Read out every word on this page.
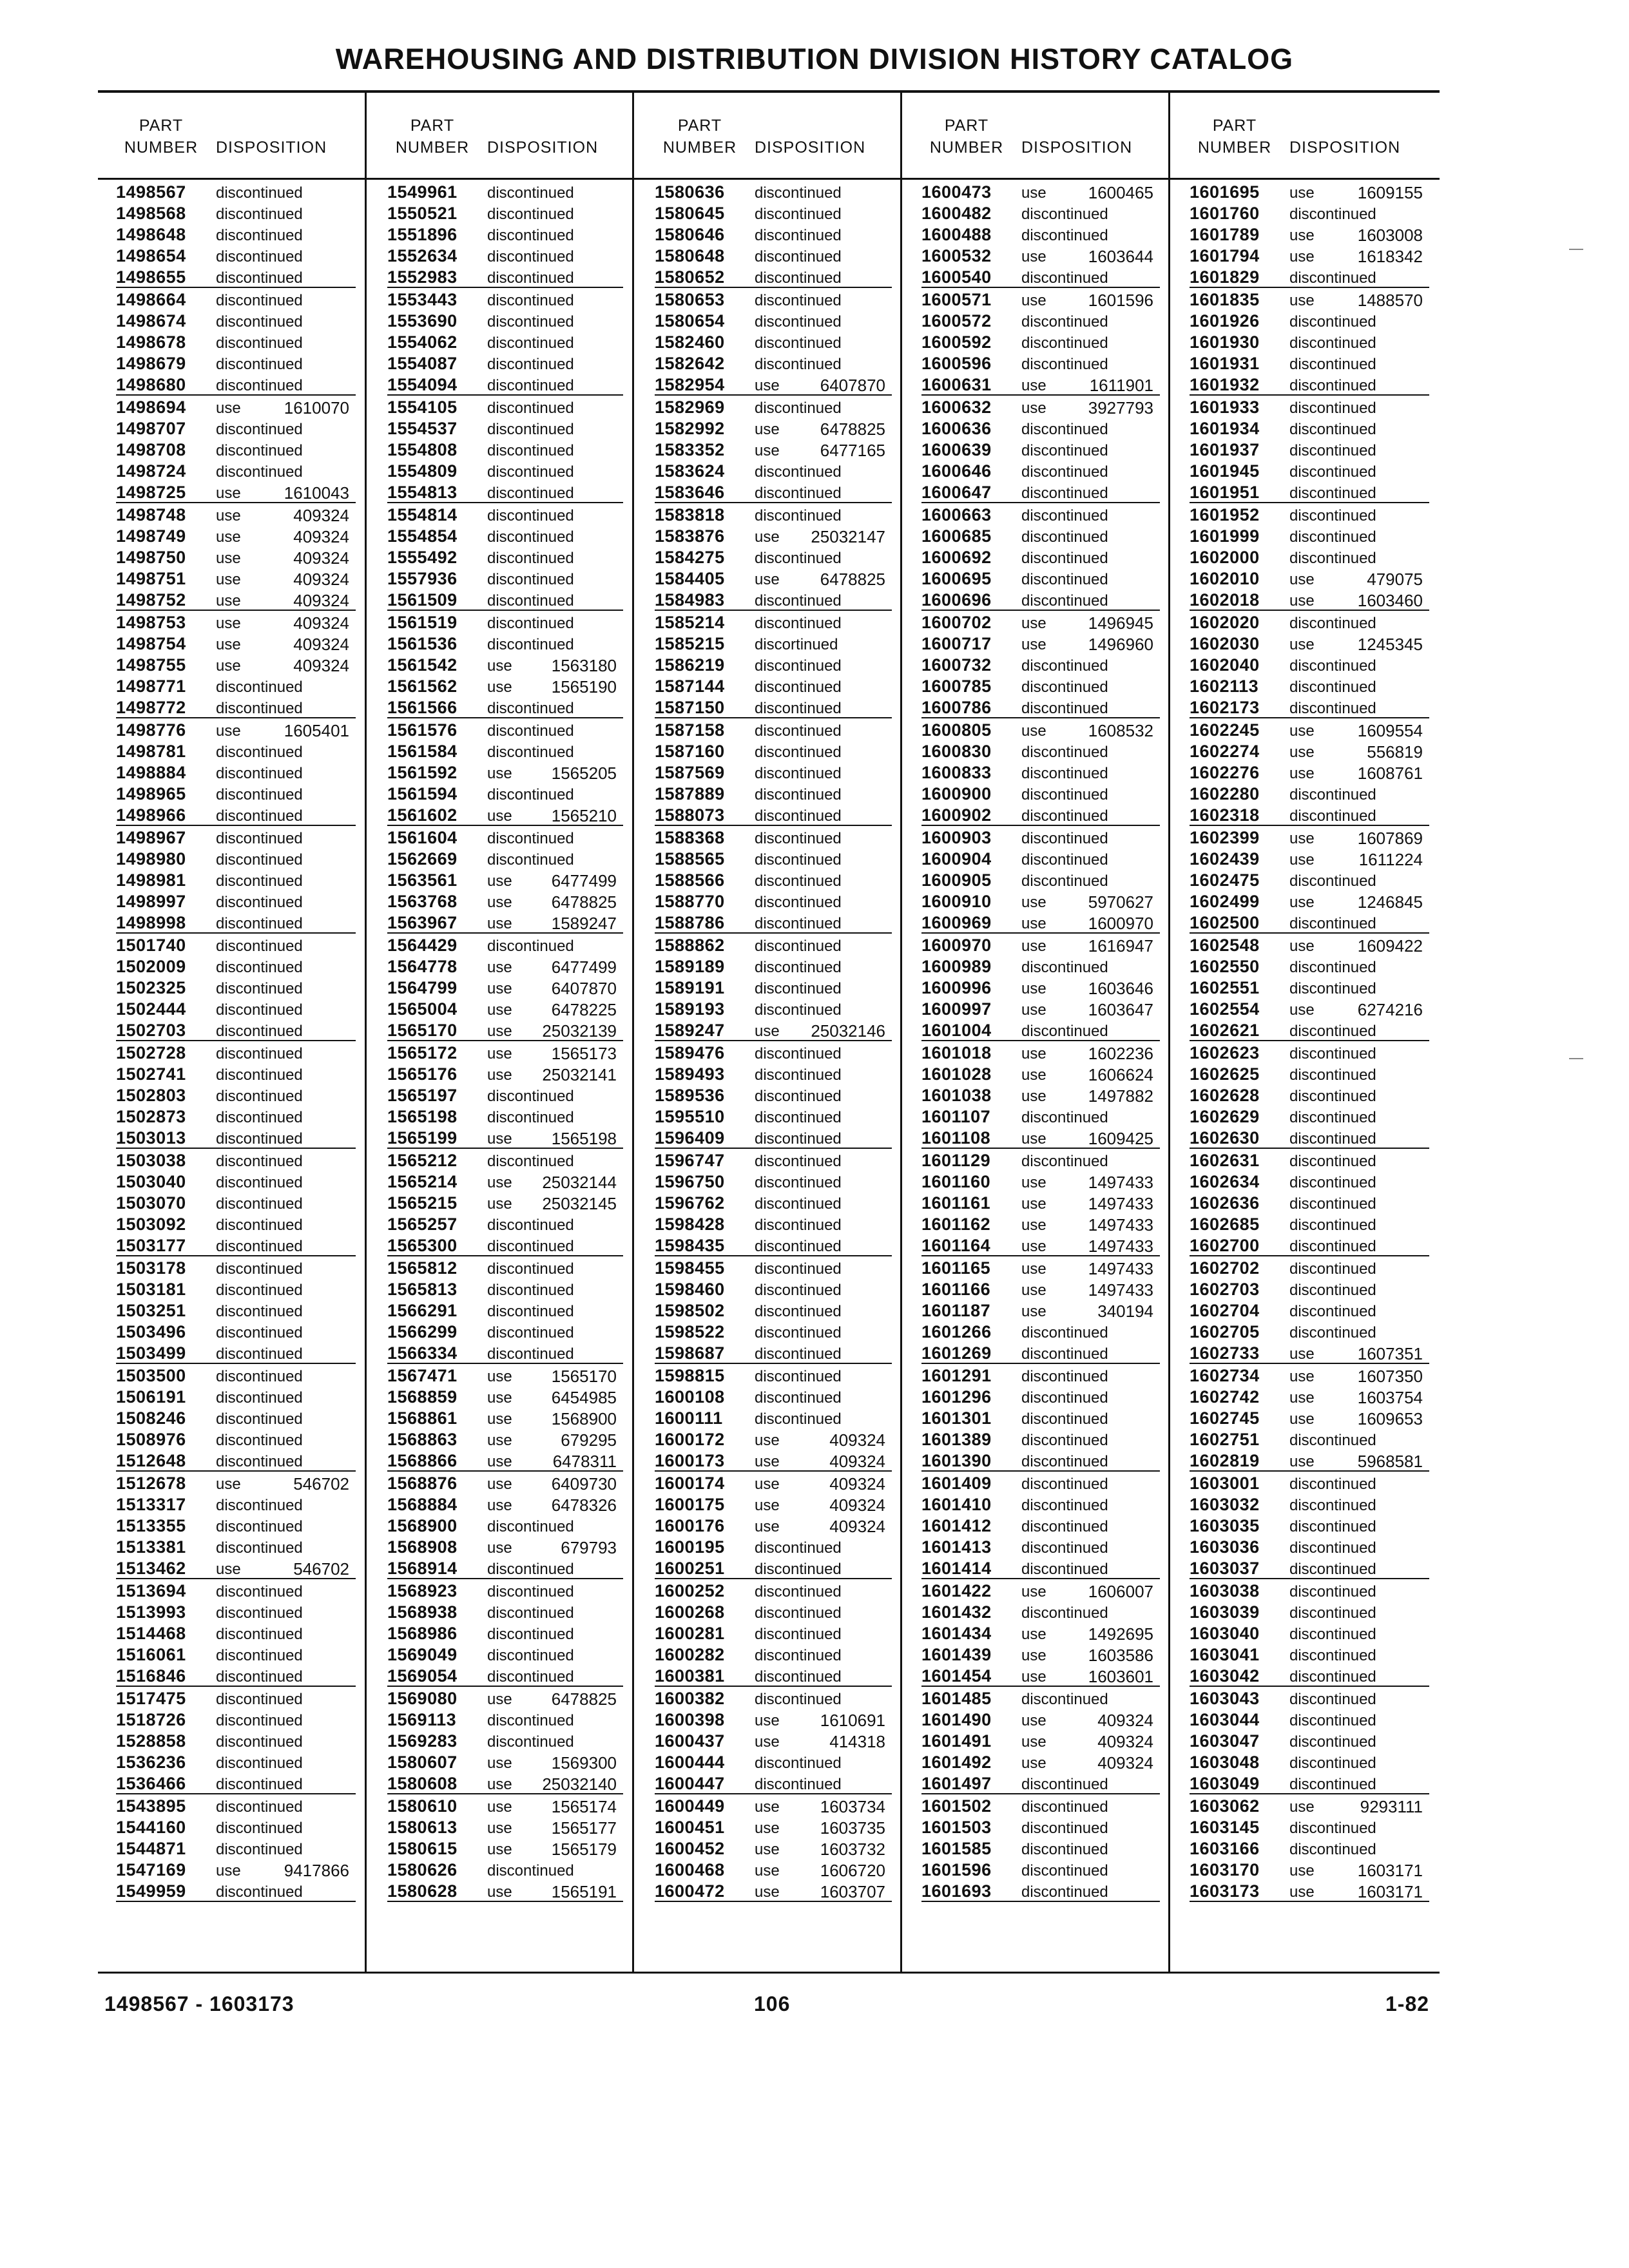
WAREHOUSING AND DISTRIBUTION DIVISION HISTORY CATALOG
PART
NUMBER	DISPOSITION
PART
NUMBER	DISPOSITION
PART
NUMBER	DISPOSITION
PART
NUMBER	DISPOSITION
PART
NUMBER	DISPOSITION
1498567 discontinued
1498568 discontinued
1498648 discontinued
1498654 discontinued
1498655 discontinued
1498664 discontinued
1498674 discontinued
1498678 discontinued
1498679 discontinued
1498680 discontinued
1498694 use	1610070
1498707 discontinued
1498708 discontinued
1498724 discontinued
1498725 use	1610043
1498748 use	409324
1498749 use	409324
1498750 use	409324
1498751 use	409324
1498752 use	409324
1498753 use	409324
1498754 use	409324
1498755 use	409324
1498771 discontinued
1498772 discontinued
1498776 use	1605401
1498781 discontinued
1498884 discontinued
1498965 discontinued
1498966 discontinued
1498967 discontinued
1498980 discontinued
1498981 discontinued
1498997 discontinued
1498998 discontinued
1501740 discontinued
1502009 discontinued
1502325 discontinued
1502444 discontinued
1502703 discontinued
1502728 discontinued
1502741 discontinued
1502803 discontinued
1502873 discontinued
1503013 discontinued
1503038 discontinued
1503040 discontinued
1503070 discontinued
1503092 discontinued
1503177 discontinued
1503178 discontinued
1503181 discontinued
1503251 discontinued
1503496 discontinued
1503499 discontinued
1503500 discontinued
1506191 discontinued
1508246 discontinued
1508976 discontinued
1512648 discontinued
1512678 use	546702
1513317 discontinued
1513355 discontinued
1513381 discontinued
1513462 use	546702
1513694 discontinued
1513993 discontinued
1514468 discontinued
1516061 discontinued
1516846 discontinued
1517475 discontinued
1518726 discontinued
1528858 discontinued
1536236 discontinued
1536466 discontinued
1543895 discontinued
1544160 discontinued
1544871 discontinued
1547169 use	9417866
1549959 discontinued
1549961 discontinued
1550521 discontinued
1551896 discontinued
1552634 discontinued
1552983 discontinued
1553443 discontinued
1553690 discontinued
1554062 discontinued
1554087 discontinued
1554094 discontinued
1554105 discontinued
1554537 discontinued
1554808 discontinued
1554809 discontinued
1554813 discontinued
1554814 discontinued
1554854 discontinued
1555492 discontinued
1557936 discontinued
1561509 discontinued
1561519 discontinued
1561536 discontinued
1561542 use 1563180
1561562 use 1565190
1561566 discontinued
1561576 discontinued
1561584 discontinued
1561592 use 1565205
1561594 discontinued
1561602 use 1565210
1561604 discontinued
1562669 discontinued
1563561 use 6477499
1563768 use 6478825
1563967 use 1589247
1564429 discontinued
1564778 use 6477499
1564799 use 6407870
1565004 use 6478225
1565170 use 25032139
1565172 use 1565173
1565176 use 25032141
1565197 discontinued
1565198 discontinued
1565199 use 1565198
1565212 discontinued
1565214 use 25032144
1565215 use 25032145
1565257 discontinued
1565300 discontinued
1565812 discontinued
1565813 discontinued
1566291 discontinued
1566299 discontinued
1566334 discontinued
1567471 use 1565170
1568859 use 6454985
1568861 use 1568900
1568863 use	679295
1568866 use 6478311
1568876 use 6409730
1568884 use 6478326
1568900 discontinued
1568908 use	679793
1568914 discontinued
1568923 discontinued
1568938 discontinued
1568986 discontinued
1569049 discontinued
1569054 discontinued
1569080 use 6478825
1569113 discontinued
1569283 discontinued
1580607 use 1569300
1580608 use 25032140
1580610 use 1565174
1580613 use 1565177
1580615 use 1565179
1580626 discontinued
1580628 use 1565191
1580636 discontinued
1580645 discontinued
1580646 discontinued
1580648 discontinued
1580652 discontinued
1580653 discontinued
1580654 discontinued
1582460 discontinued
1582642 discontinued
1582954 use 6407870
1582969 discontinued
1582992 use 6478825
1583352 use 6477165
1583624 discontinued
1583646 discontinued
1583818 discontinued
1583876 use 25032147
1584275 discontinued
1584405 use 6478825
1584983 discontinued
1585214 discontinued
1585215 discortinued
1586219 discontinued
1587144 discontinued
1587150 discontinued
1587158 discontinued
1587160 discontinued
1587569 discontinued
1587889 discontinued
1588073 discontinued
1588368 discontinued
1588565 discontinued
1588566 discontinued
1588770 discontinued
1588786 discontinued
1588862 discontinued
1589189 discontinued
1589191 discontinued
1589193 discontinued
1589247 use 25032146
1589476 discontinued
1589493 discontinued
1589536 discontinued
1595510 discontinued
1596409 discontinued
1596747 discontinued
1596750 discontinued
1596762 discontinued
1598428 discontinued
1598435 discontinued
1598455 discontinued
1598460 discontinued
1598502 discontinued
1598522 discontinued
1598687 discontinued
1598815 discontinued
1600108 discontinued
1600111 discontinued
1600172 use	409324
1600173 use	409324
1600174 use	409324
1600175 use	409324
1600176 use	409324
1600195 discontinued
1600251 discontinued
1600252 discontinued
1600268 discontinued
1600281 discontinued
1600282 discontinued
1600381 discontinued
1600382 discontinued
1600398 use 1610691
1600437 use	414318
1600444 discontinued
1600447 discontinued
1600449 use 1603734
1600451 use 1603735
1600452 use 1603732
1600468 use 1606720
1600472 use 1603707
1600473 use	1600465
1600482 discontinued
1600488 discontinued
1600532 use	1603644
1600540 discontinued
1600571 use	1601596
1600572 discontinued
1600592 discontinued
1600596 discontinued
1600631 use	1611901
1600632 use	3927793
1600636 discontinued
1600639 discontinued
1600646 discontinued
1600647 discontinued
1600663 discontinued
1600685 discontinued
1600692 discontinued
1600695 discontinued
1600696 discontinued
1600702 use	1496945
1600717 use	1496960
1600732 discontinued
1600785 discontinued
1600786 discontinued
1600805 use	1608532
1600830 discontinued
1600833 discontinued
1600900 discontinued
1600902 discontinued
1600903 discontinued
1600904 discontinued
1600905 discontinued
1600910 use	5970627
1600969 use	1600970
1600970 use	1616947
1600989 discontinued
1600996 use	1603646
1600997 use	1603647
1601004 discontinued
1601018 use	1602236
1601028 use	1606624
1601038 use	1497882
1601107 discontinued
1601108 use	1609425
1601129 discontinued
1601160 use	1497433
1601161 use	1497433
1601162 use	1497433
1601164 use	1497433
1601165 use	1497433
1601166 use	1497433
1601187 use	340194
1601266 discontinued
1601269 discontinued
1601291 discontinued
1601296 discontinued
1601301 discontinued
1601389 discontinued
1601390 discontinued
1601409 discontinued
1601410 discontinued
1601412 discontinued
1601413 discontinued
1601414 discontinued
1601422 use	1606007
1601432 discontinued
1601434 use	1492695
1601439 use	1603586
1601454 use	1603601
1601485 discontinued
1601490 use	409324
1601491 use	409324
1601492 use	409324
1601497 discontinued
1601502 discontinued
1601503 discontinued
1601585 discontinued
1601596 discontinued
1601693 discontinued
1601695 use	1609155
1601760 discontinued
1601789 use	1603008
1601794 use	1618342
1601829 discontinued
1601835 use	1488570
1601926 discontinued
1601930 discontinued
1601931 discontinued
1601932 discontinued
1601933 discontinued
1601934 discontinued
1601937 discontinued
1601945 discontinued
1601951 discontinued
1601952 discontinued
1601999 discontinued
1602000 discontinued
1602010 use	479075
1602018 use	1603460
1602020 discontinued
1602030 use	1245345
1602040 discontinued
1602113 discontinued
1602173 discontinued
1602245 use	1609554
1602274 use	556819
1602276 use	1608761
1602280 discontinued
1602318 discontinued
1602399 use	1607869
1602439 use	1611224
1602475 discontinued
1602499 use	1246845
1602500 discontinued
1602548 use	1609422
1602550 discontinued
1602551 discontinued
1602554 use	6274216
1602621 discontinued
1602623 discontinued
1602625 discontinued
1602628 discontinued
1602629 discontinued
1602630 discontinued
1602631 discontinued
1602634 discontinued
1602636 discontinued
1602685 discontinued
1602700 discontinued
1602702 discontinued
1602703 discontinued
1602704 discontinued
1602705 discontinued
1602733 use	1607351
1602734 use	1607350
1602742 use	1603754
1602745 use	1609653
1602751 discontinued
1602819 use	5968581
1603001 discontinued
1603032 discontinued
1603035 discontinued
1603036 discontinued
1603037 discontinued
1603038 discontinued
1603039 discontinued
1603040 discontinued
1603041 discontinued
1603042 discontinued
1603043 discontinued
1603044 discontinued
1603047 discontinued
1603048 discontinued
1603049 discontinued
1603062 use	9293111
1603145 discontinued
1603166 discontinued
1603170 use	1603171
1603173 use	1603171
1498567 - 1603173	106	1-82
